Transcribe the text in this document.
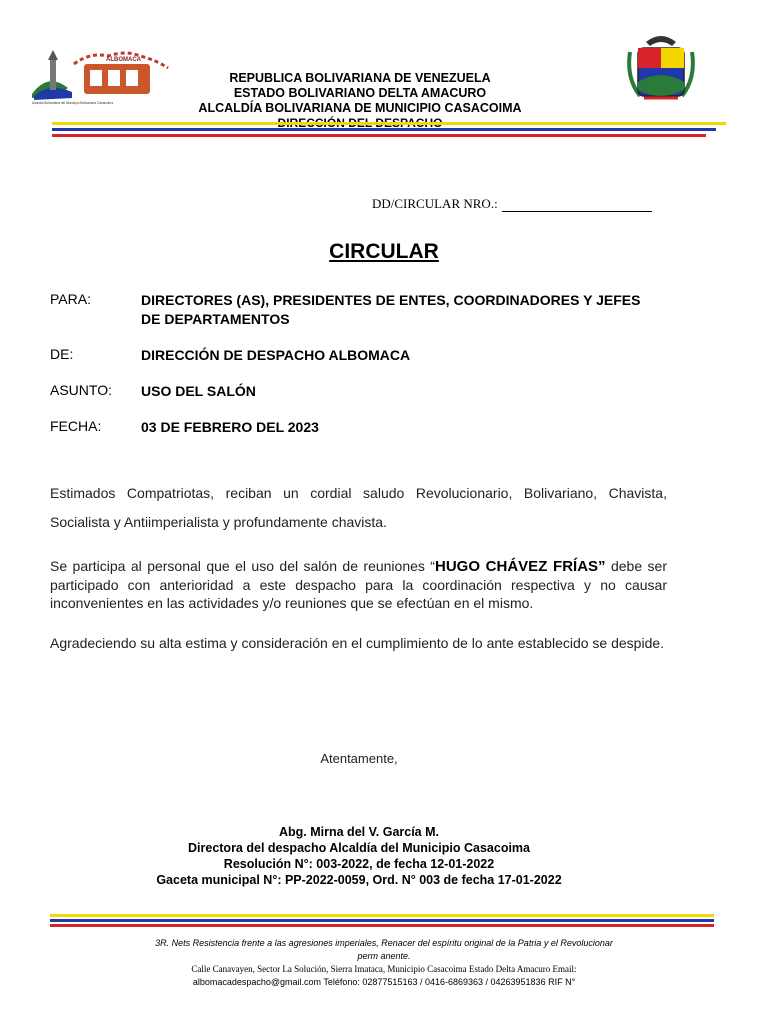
ALBOMACA
Alcaldía Bolivariana del Municipio Bolivariano Casacoima
REPUBLICA BOLIVARIANA DE VENEZUELA
ESTADO BOLIVARIANO DELTA AMACURO
ALCALDÍA BOLIVARIANA DE MUNICIPIO CASACOIMA
DD/CIRCULAR NRO.:
CIRCULAR
PARA:	DIRECTORES (AS), PRESIDENTES DE ENTES, COORDINADORES Y JEFES DE DEPARTAMENTOS
DE:	DIRECCIÓN DE DESPACHO ALBOMACA
ASUNTO: USO DEL SALÓN
FECHA:	03 DE FEBRERO DEL 2023
Estimados Compatriotas, reciban un cordial saludo Revolucionario, Bolivariano, Chavista, Socialista y Antiimperialista y profundamente chavista.
Se participa al personal que el uso del salón de reuniones “HUGO CHÁVEZ FRÍAS” debe ser participado con anterioridad a este despacho para la coordinación respectiva y no causar inconvenientes en las actividades y/o reuniones que se efectúan en el mismo.
Agradeciendo su alta estima y consideración en el cumplimiento de lo ante establecido se despide.
Atentamente,
Abg. Mirna del V. García M.
Directora del despacho Alcaldía del Municipio Casacoima
Resolución N°: 003-2022, de fecha 12-01-2022
Gaceta municipal N°: PP-2022-0059, Ord. N° 003 de fecha 17-01-2022
3R. Nets Resistencia frente a las agresiones imperiales, Renacer del espíritu original de la Patria y el Revolucionar
perm anente.
Calle Canavayen, Sector La Solución, Sierra Imataca, Municipio Casacoima Estado Delta Amacuro Email:
albomacadespacho@gmail.com Teléfono: 02877515163 / 0416-6869363 / 04263951836 RIF N°
